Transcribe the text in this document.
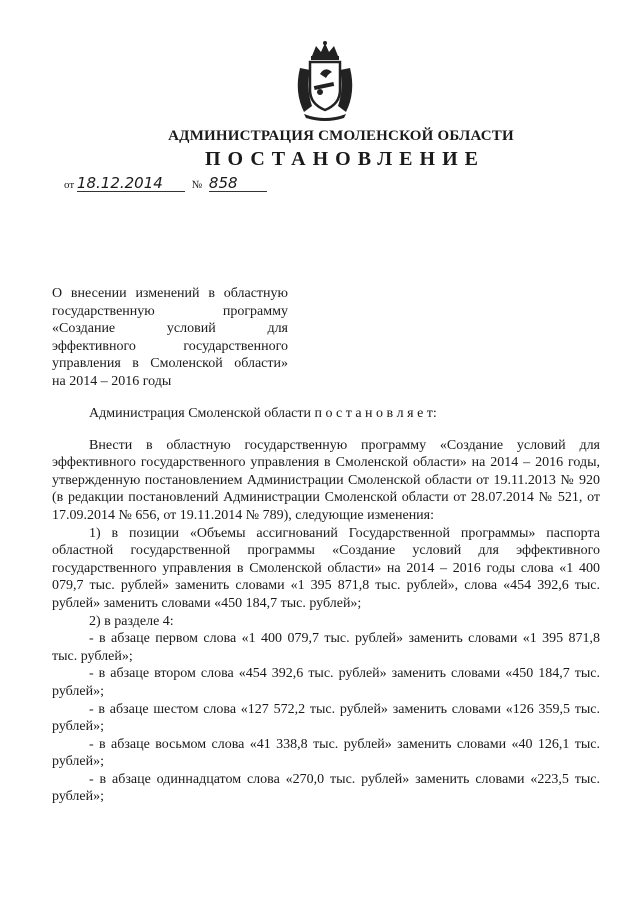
АДМИНИСТРАЦИЯ СМОЛЕНСКОЙ ОБЛАСТИ
ПОСТАНОВЛЕНИЕ
от 18.12.2014	№ 858
О внесении изменений в областную
государственную программу
«Создание условий для
эффективного государственного
управления в Смоленской области»
на 2014 – 2016 годы

Администрация Смоленской области п о с т а н о в л я е т:

Внести в областную государственную программу «Создание условий для эффективного государственного управления в Смоленской области» на 2014 – 2016 годы, утвержденную постановлением Администрации Смоленской области от 19.11.2013 № 920 (в редакции постановлений Администрации Смоленской области от 28.07.2014 № 521, от 17.09.2014 № 656, от 19.11.2014 № 789), следующие изменения:

1) в позиции «Объемы ассигнований Государственной программы» паспорта областной государственной программы «Создание условий для эффективного государственного управления в Смоленской области» на 2014 – 2016 годы слова «1 400 079,7 тыс. рублей» заменить словами «1 395 871,8 тыс. рублей», слова «454 392,6 тыс. рублей» заменить словами «450 184,7 тыс. рублей»;

2) в разделе 4:

- в абзаце первом слова «1 400 079,7 тыс. рублей» заменить словами «1 395 871,8 тыс. рублей»;

- в абзаце втором слова «454 392,6 тыс. рублей» заменить словами «450 184,7 тыс. рублей»;

- в абзаце шестом слова «127 572,2 тыс. рублей» заменить словами «126 359,5 тыс. рублей»;

- в абзаце восьмом слова «41 338,8 тыс. рублей» заменить словами «40 126,1 тыс. рублей»;

- в абзаце одиннадцатом слова «270,0 тыс. рублей» заменить словами «223,5 тыс. рублей»;
